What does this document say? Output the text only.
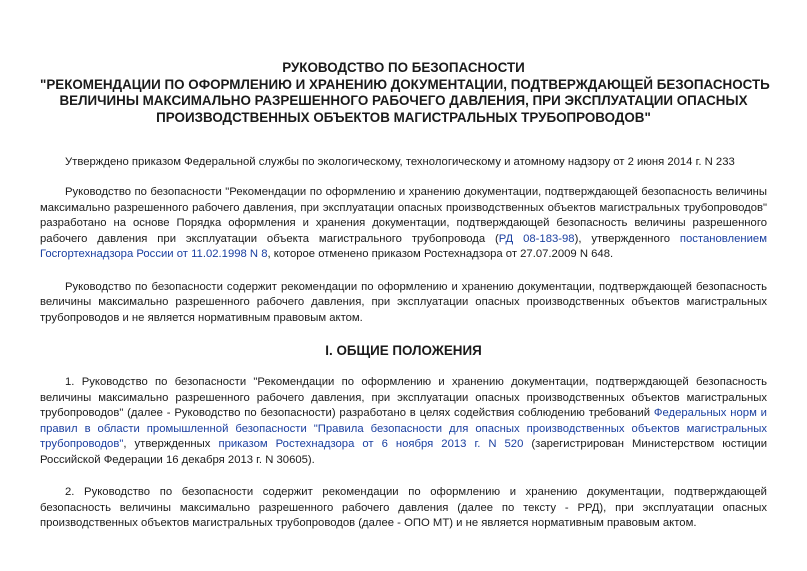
РУКОВОДСТВО ПО БЕЗОПАСНОСТИ
"РЕКОМЕНДАЦИИ ПО ОФОРМЛЕНИЮ И ХРАНЕНИЮ ДОКУМЕНТАЦИИ, ПОДТВЕРЖДАЮЩЕЙ БЕЗОПАСНОСТЬ
ВЕЛИЧИНЫ МАКСИМАЛЬНО РАЗРЕШЕННОГО РАБОЧЕГО ДАВЛЕНИЯ, ПРИ ЭКСПЛУАТАЦИИ ОПАСНЫХ
ПРОИЗВОДСТВЕННЫХ ОБЪЕКТОВ МАГИСТРАЛЬНЫХ ТРУБОПРОВОДОВ"

Утверждено приказом Федеральной службы по экологическому, технологическому и атомному надзору от 2 июня 2014 г. N 233

Руководство по безопасности "Рекомендации по оформлению и хранению документации, подтверждающей безопасность величины максимально разрешенного рабочего давления, при эксплуатации опасных производственных объектов магистральных трубопроводов" разработано на основе Порядка оформления и хранения документации, подтверждающей безопасность величины разрешенного рабочего давления при эксплуатации объекта магистрального трубопровода (РД 08-183-98), утвержденного постановлением Госгортехнадзора России от 11.02.1998 N 8, которое отменено приказом Ростехнадзора от 27.07.2009 N 648.

Руководство по безопасности содержит рекомендации по оформлению и хранению документации, подтверждающей безопасность величины максимально разрешенного рабочего давления, при эксплуатации опасных производственных объектов магистральных трубопроводов и не является нормативным правовым актом.

I. ОБЩИЕ ПОЛОЖЕНИЯ

1. Руководство по безопасности "Рекомендации по оформлению и хранению документации, подтверждающей безопасность величины максимально разрешенного рабочего давления, при эксплуатации опасных производственных объектов магистральных трубопроводов" (далее - Руководство по безопасности) разработано в целях содействия соблюдению требований Федеральных норм и правил в области промышленной безопасности "Правила безопасности для опасных производственных объектов магистральных трубопроводов", утвержденных приказом Ростехнадзора от 6 ноября 2013 г. N 520 (зарегистрирован Министерством юстиции Российской Федерации 16 декабря 2013 г. N 30605).

2. Руководство по безопасности содержит рекомендации по оформлению и хранению документации, подтверждающей безопасность величины максимально разрешенного рабочего давления (далее по тексту - РРД), при эксплуатации опасных производственных объектов магистральных трубопроводов (далее - ОПО МТ) и не является нормативным правовым актом.
